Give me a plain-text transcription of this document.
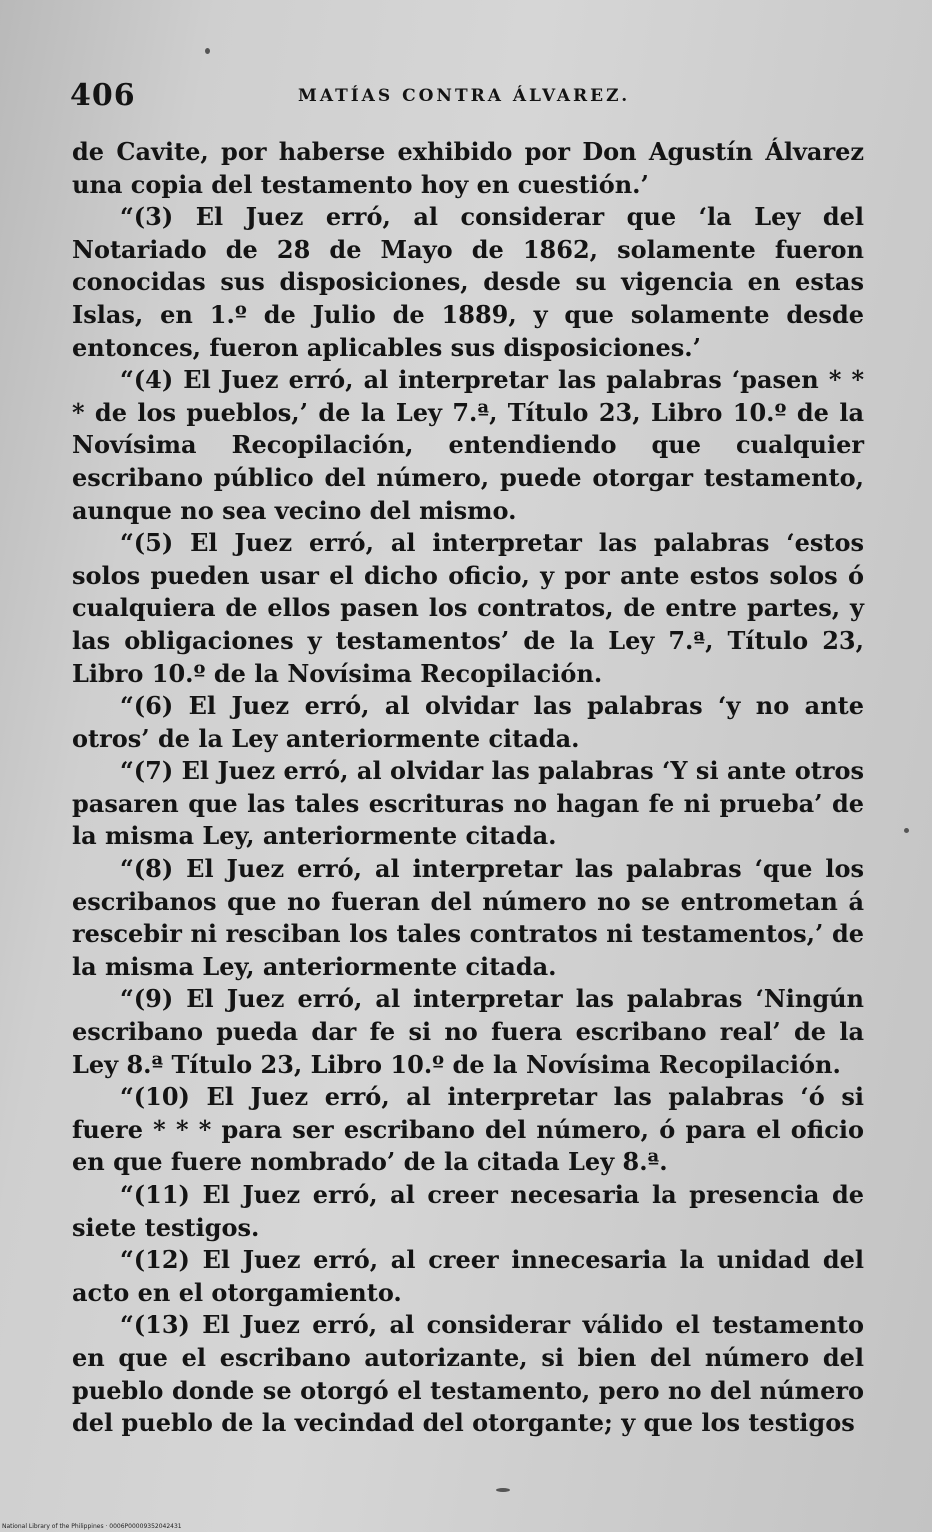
406	MATÍAS CONTRA ÁLVAREZ.

de Cavite, por haberse exhibido por Don Agustín Álvarez una copia del testamento hoy en cuestión.’

“(3) El Juez erró, al considerar que ‘la Ley del Notariado de 28 de Mayo de 1862, solamente fueron conocidas sus disposiciones, desde su vigencia en estas Islas, en 1.º de Julio de 1889, y que solamente desde entonces, fueron aplicables sus disposiciones.’

“(4) El Juez erró, al interpretar las palabras ‘pasen * * * de los pueblos,’ de la Ley 7.ª, Título 23, Libro 10.º de la Novísima Recopilación, entendiendo que cualquier escribano público del número, puede otorgar testamento, aunque no sea vecino del mismo.

“(5) El Juez erró, al interpretar las palabras ‘estos solos pueden usar el dicho oficio, y por ante estos solos ó cualquiera de ellos pasen los contratos, de entre partes, y las obligaciones y testamentos’ de la Ley 7.ª, Título 23, Libro 10.º de la Novísima Recopilación.

“(6) El Juez erró, al olvidar las palabras ‘y no ante otros’ de la Ley anteriormente citada.

“(7) El Juez erró, al olvidar las palabras ‘Y si ante otros pasaren que las tales escrituras no hagan fe ni prueba’ de la misma Ley, anteriormente citada.

“(8) El Juez erró, al interpretar las palabras ‘que los escribanos que no fueran del número no se entrometan á rescebir ni resciban los tales contratos ni testamentos,’ de la misma Ley, anteriormente citada.

“(9) El Juez erró, al interpretar las palabras ‘Ningún escribano pueda dar fe si no fuera escribano real’ de la Ley 8.ª Título 23, Libro 10.º de la Novísima Recopilación.

“(10) El Juez erró, al interpretar las palabras ‘ó si fuere * * * para ser escribano del número, ó para el oficio en que fuere nombrado’ de la citada Ley 8.ª.

“(11) El Juez erró, al creer necesaria la presencia de siete testigos.

“(12) El Juez erró, al creer innecesaria la unidad del acto en el otorgamiento.

“(13) El Juez erró, al considerar válido el testamento en que el escribano autorizante, si bien del número del pueblo donde se otorgó el testamento, pero no del número del pueblo de la vecindad del otorgante; y que los testigos

National Library of the Philippines · 0006P00009352042431
